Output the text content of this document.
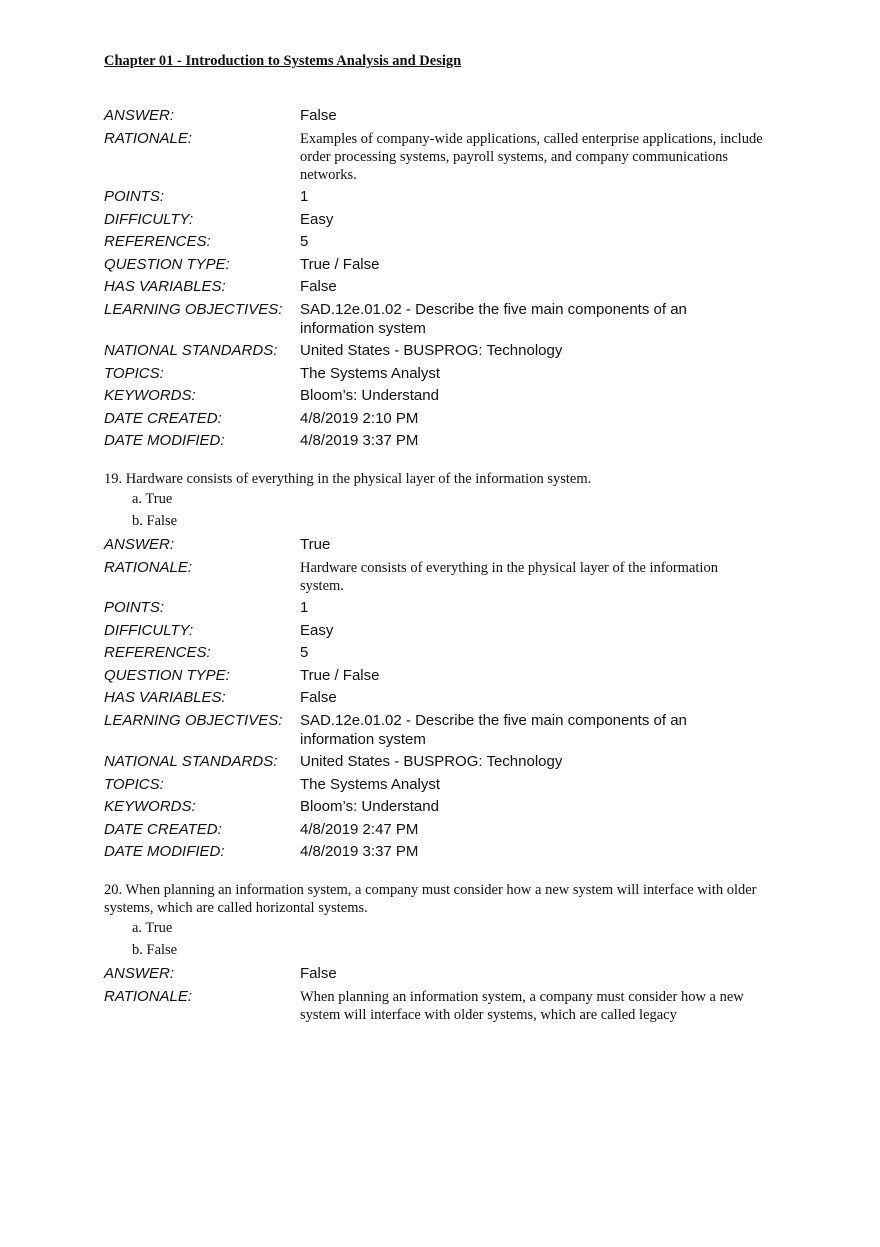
Chapter 01 - Introduction to Systems Analysis and Design
ANSWER:	False
RATIONALE:	Examples of company-wide applications, called enterprise applications, include order processing systems, payroll systems, and company communications networks.
POINTS:	1
DIFFICULTY:	Easy
REFERENCES:	5
QUESTION TYPE:	True / False
HAS VARIABLES:	False
LEARNING OBJECTIVES:	SAD.12e.01.02 - Describe the five main components of an information system
NATIONAL STANDARDS:	United States - BUSPROG: Technology
TOPICS:	The Systems Analyst
KEYWORDS:	Bloom’s: Understand
DATE CREATED:	4/8/2019 2:10 PM
DATE MODIFIED:	4/8/2019 3:37 PM
19. Hardware consists of everything in the physical layer of the information system.
a. True
b. False
ANSWER:	True
RATIONALE:	Hardware consists of everything in the physical layer of the information system.
POINTS:	1
DIFFICULTY:	Easy
REFERENCES:	5
QUESTION TYPE:	True / False
HAS VARIABLES:	False
LEARNING OBJECTIVES:	SAD.12e.01.02 - Describe the five main components of an information system
NATIONAL STANDARDS:	United States - BUSPROG: Technology
TOPICS:	The Systems Analyst
KEYWORDS:	Bloom’s: Understand
DATE CREATED:	4/8/2019 2:47 PM
DATE MODIFIED:	4/8/2019 3:37 PM
20. When planning an information system, a company must consider how a new system will interface with older systems, which are called horizontal systems.
a. True
b. False
ANSWER:	False
RATIONALE:	When planning an information system, a company must consider how a new system will interface with older systems, which are called legacy
